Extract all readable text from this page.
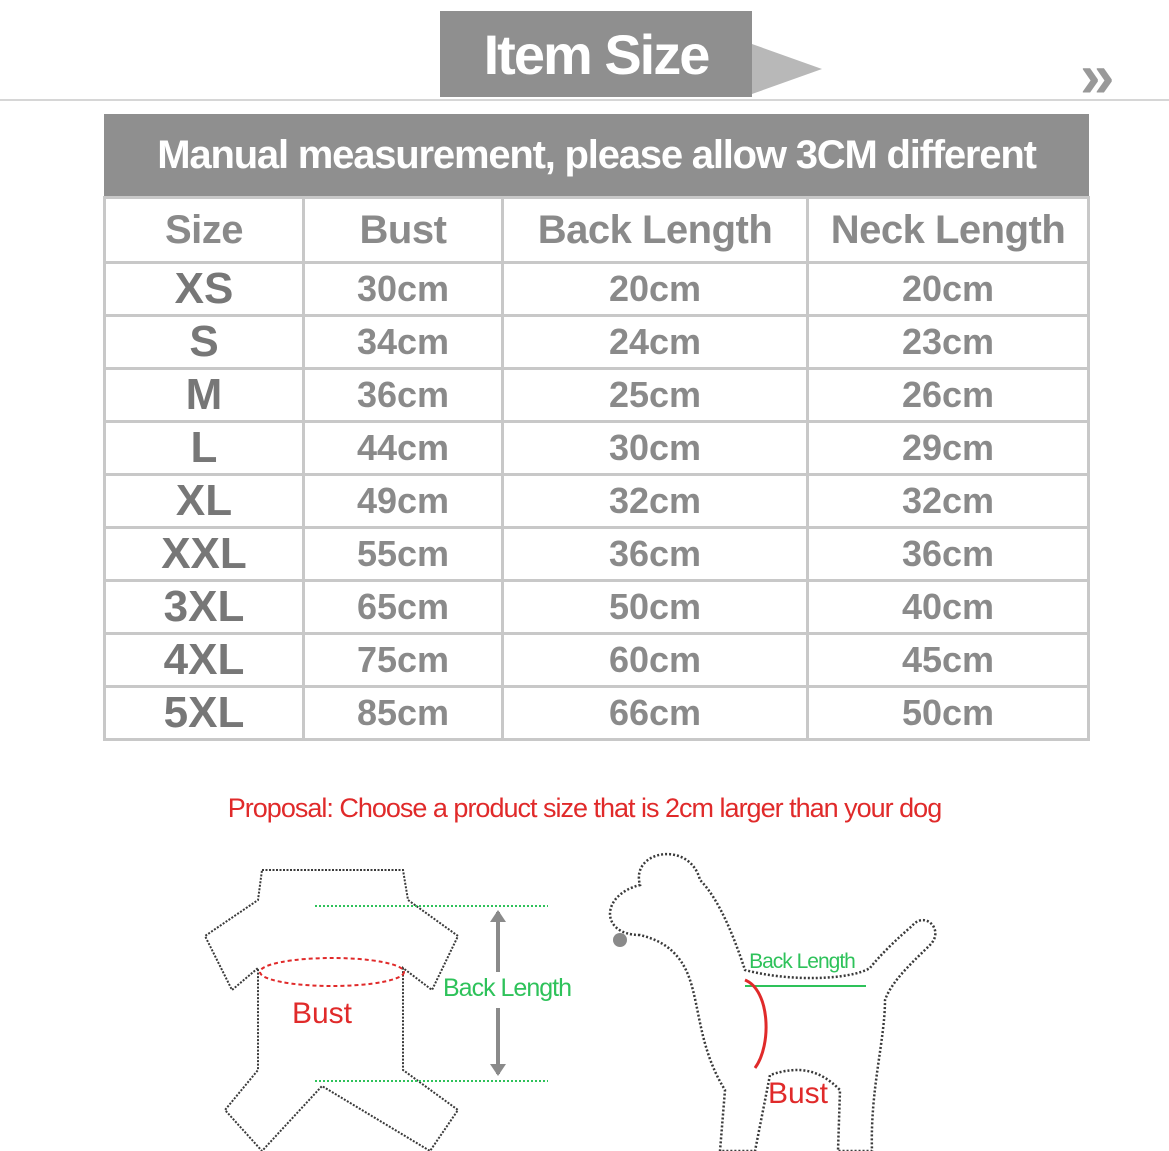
Item Size	»
Manual measurement, please allow 3CM different
Size	Bust	Back Length	Neck Length
XS	30cm	20cm	20cm
S	34cm	24cm	23cm
M	36cm	25cm	26cm
L	44cm	30cm	29cm
XL	49cm	32cm	32cm
XXL	55cm	36cm	36cm
3XL	65cm	50cm	40cm
4XL	75cm	60cm	45cm
5XL	85cm	66cm	50cm
Proposal: Choose a product size that is 2cm larger than your dog
Bust
Back Length
Back Length
Bust
